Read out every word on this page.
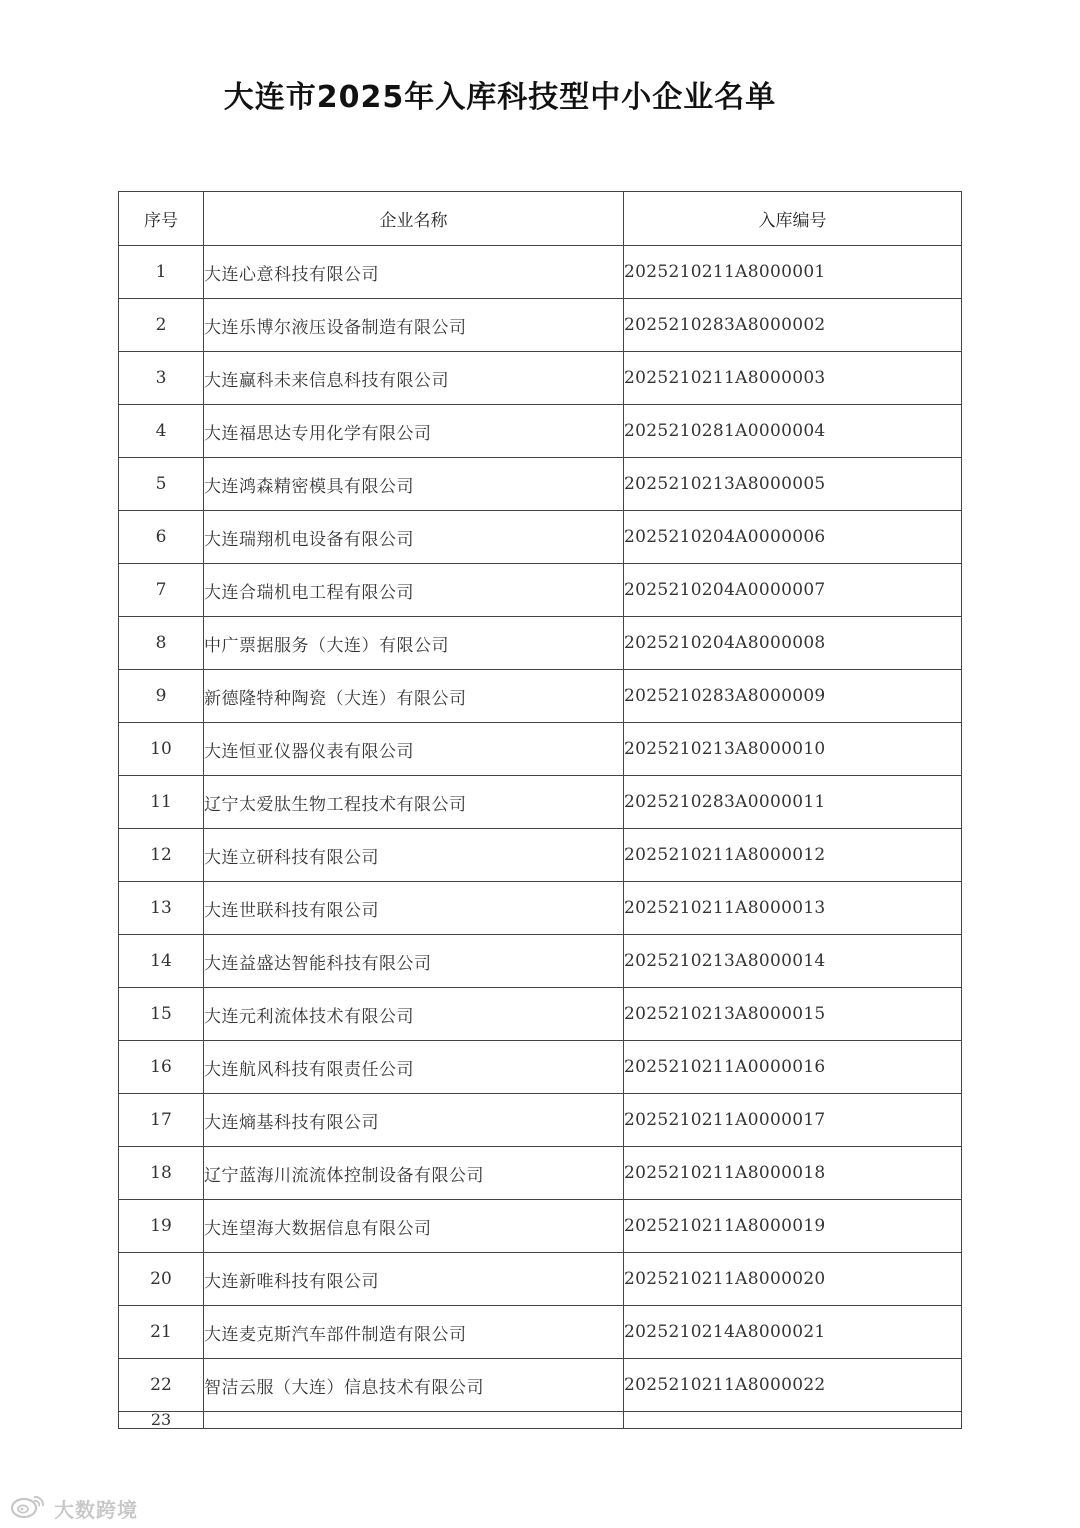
大连市2025年入库科技型中小企业名单
序号	企业名称	入库编号
1	大连心意科技有限公司	2025210211A8000001
2	大连乐博尔液压设备制造有限公司	2025210283A8000002
3	大连赢科未来信息科技有限公司	2025210211A8000003
4	大连福思达专用化学有限公司	2025210281A0000004
5	大连鸿森精密模具有限公司	2025210213A8000005
6	大连瑞翔机电设备有限公司	2025210204A0000006
7	大连合瑞机电工程有限公司	2025210204A0000007
8	中广票据服务（大连）有限公司	2025210204A8000008
9	新德隆特种陶瓷（大连）有限公司	2025210283A8000009
10	大连恒亚仪器仪表有限公司	2025210213A8000010
11	辽宁太爱肽生物工程技术有限公司	2025210283A0000011
12	大连立研科技有限公司	2025210211A8000012
13	大连世联科技有限公司	2025210211A8000013
14	大连益盛达智能科技有限公司	2025210213A8000014
15	大连元利流体技术有限公司	2025210213A8000015
16	大连航风科技有限责任公司	2025210211A0000016
17	大连熵基科技有限公司	2025210211A0000017
18	辽宁蓝海川流流体控制设备有限公司	2025210211A8000018
19	大连望海大数据信息有限公司	2025210211A8000019
20	大连新唯科技有限公司	2025210211A8000020
21	大连麦克斯汽车部件制造有限公司	2025210214A8000021
22	智洁云服（大连）信息技术有限公司	2025210211A8000022
23		
大数跨境
